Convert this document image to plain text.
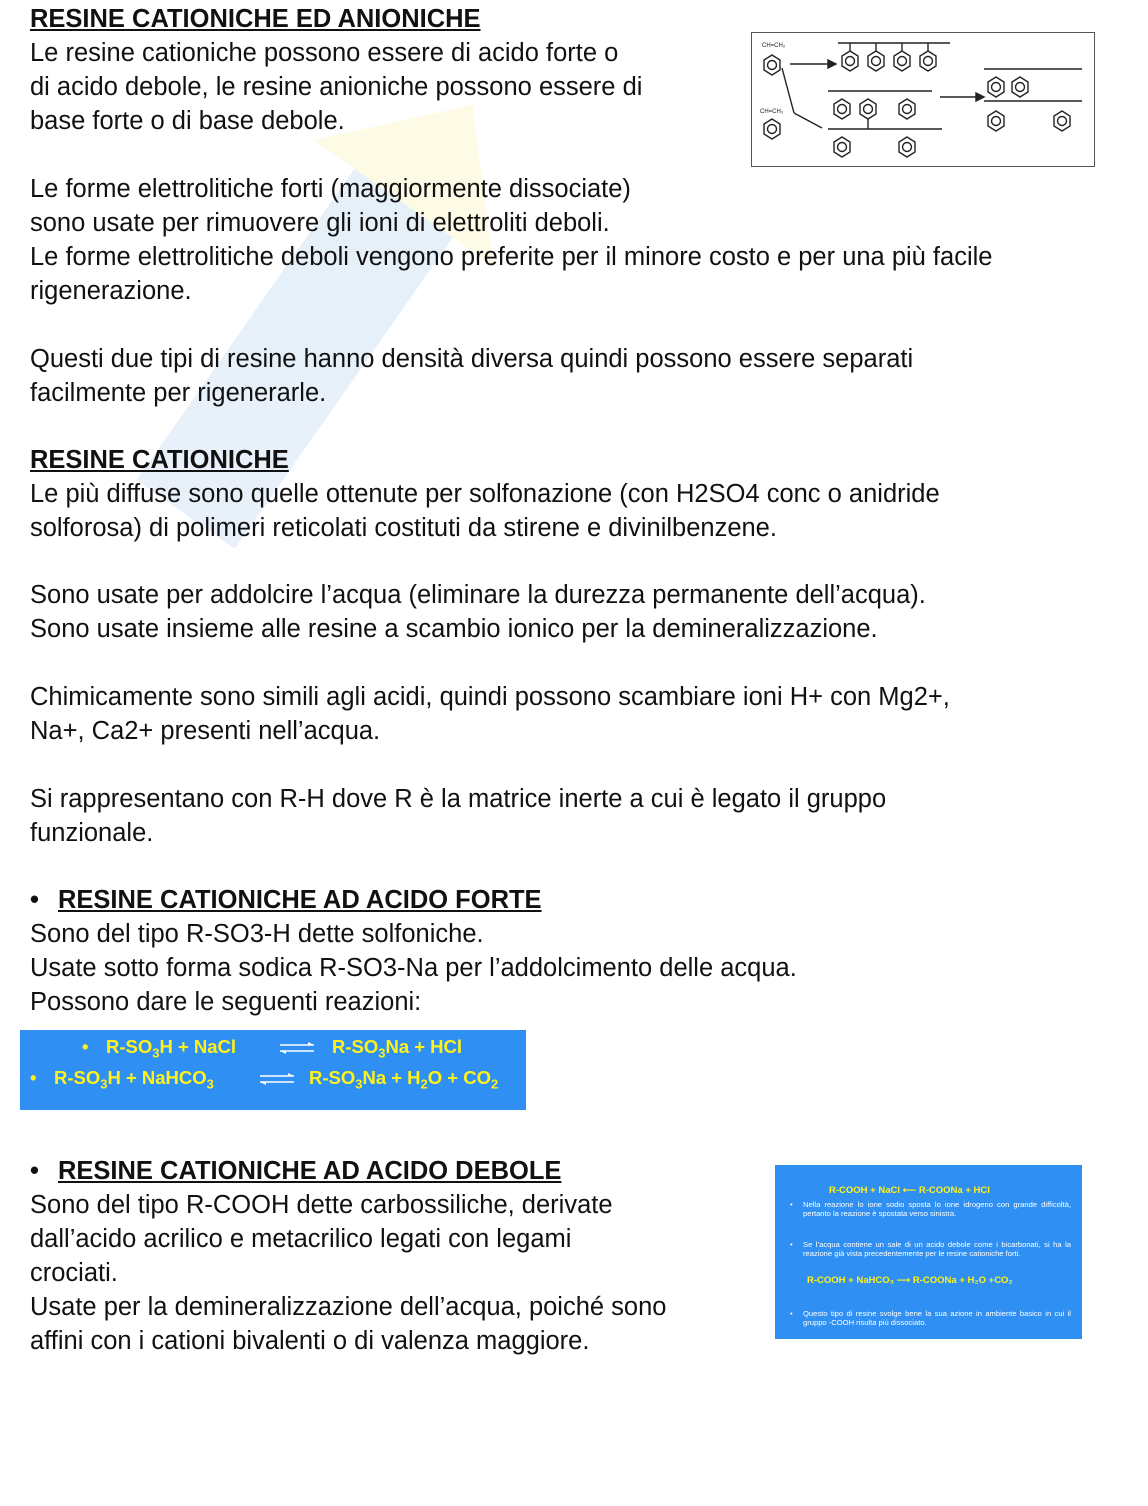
RESINE CATIONICHE ED ANIONICHE
Le resine cationiche possono essere di acido forte o
di acido debole, le resine anioniche possono essere di
base forte o di base debole.
Le forme elettrolitiche forti (maggiormente dissociate)
sono usate per rimuovere gli ioni di elettroliti deboli.
Le forme elettrolitiche deboli vengono preferite per il minore costo e per una più facile
rigenerazione.
Questi due tipi di resine hanno densità diversa quindi possono essere separati
facilmente per rigenerarle.
CH=CH₂
CH=CH₂
RESINE CATIONICHE
Le più diffuse sono quelle ottenute per solfonazione (con H2SO4 conc o anidride
solforosa) di polimeri reticolati costituti da stirene e divinilbenzene.
Sono usate per addolcire l’acqua (eliminare la durezza permanente dell’acqua).
Sono usate insieme alle resine a scambio ionico per la demineralizzazione.
Chimicamente sono simili agli acidi, quindi possono scambiare ioni H+ con Mg2+,
Na+, Ca2+ presenti nell’acqua.
Si rappresentano con R-H dove R è la matrice inerte a cui è legato il gruppo
funzionale.
• RESINE CATIONICHE AD ACIDO FORTE
Sono del tipo R-SO3-H dette solfoniche.
Usate sotto forma sodica R-SO3-Na per l’addolcimento delle acqua.
Possono dare le seguenti reazioni:
• $R-SO_3H$ + NaCl ⇌ $R-SO_3Na$ + HCl
• $R-SO_3H$ + NaHCO$_3$ ⇌ $R-SO_3Na + H_2O + CO_2$
• RESINE CATIONICHE AD ACIDO DEBOLE
Sono del tipo R-COOH dette carbossiliche, derivate
dall’acido acrilico e metacrilico legati con legami
crociati.
Usate per la demineralizzazione dell’acqua, poiché sono
affini con i cationi bivalenti o di valenza maggiore.
R-COOH + NaCl ⟵ R-COONa + HCl
• Nella reazione lo ione sodio sposta lo ione idrogeno con grande difficoltà, pertanto la reazione è spostata verso sinistra.
• Se l’acqua contiene un sale di un acido debole come i bicarbonati, si ha la reazione già vista precedentemente per le resine cationiche forti.
R-COOH + NaHCO₃ ⟶ R-COONa + H₂O +CO₂
• Questo tipo di resine svolge bene la sua azione in ambiente basico in cui il gruppo -COOH risulta più dissociato.
